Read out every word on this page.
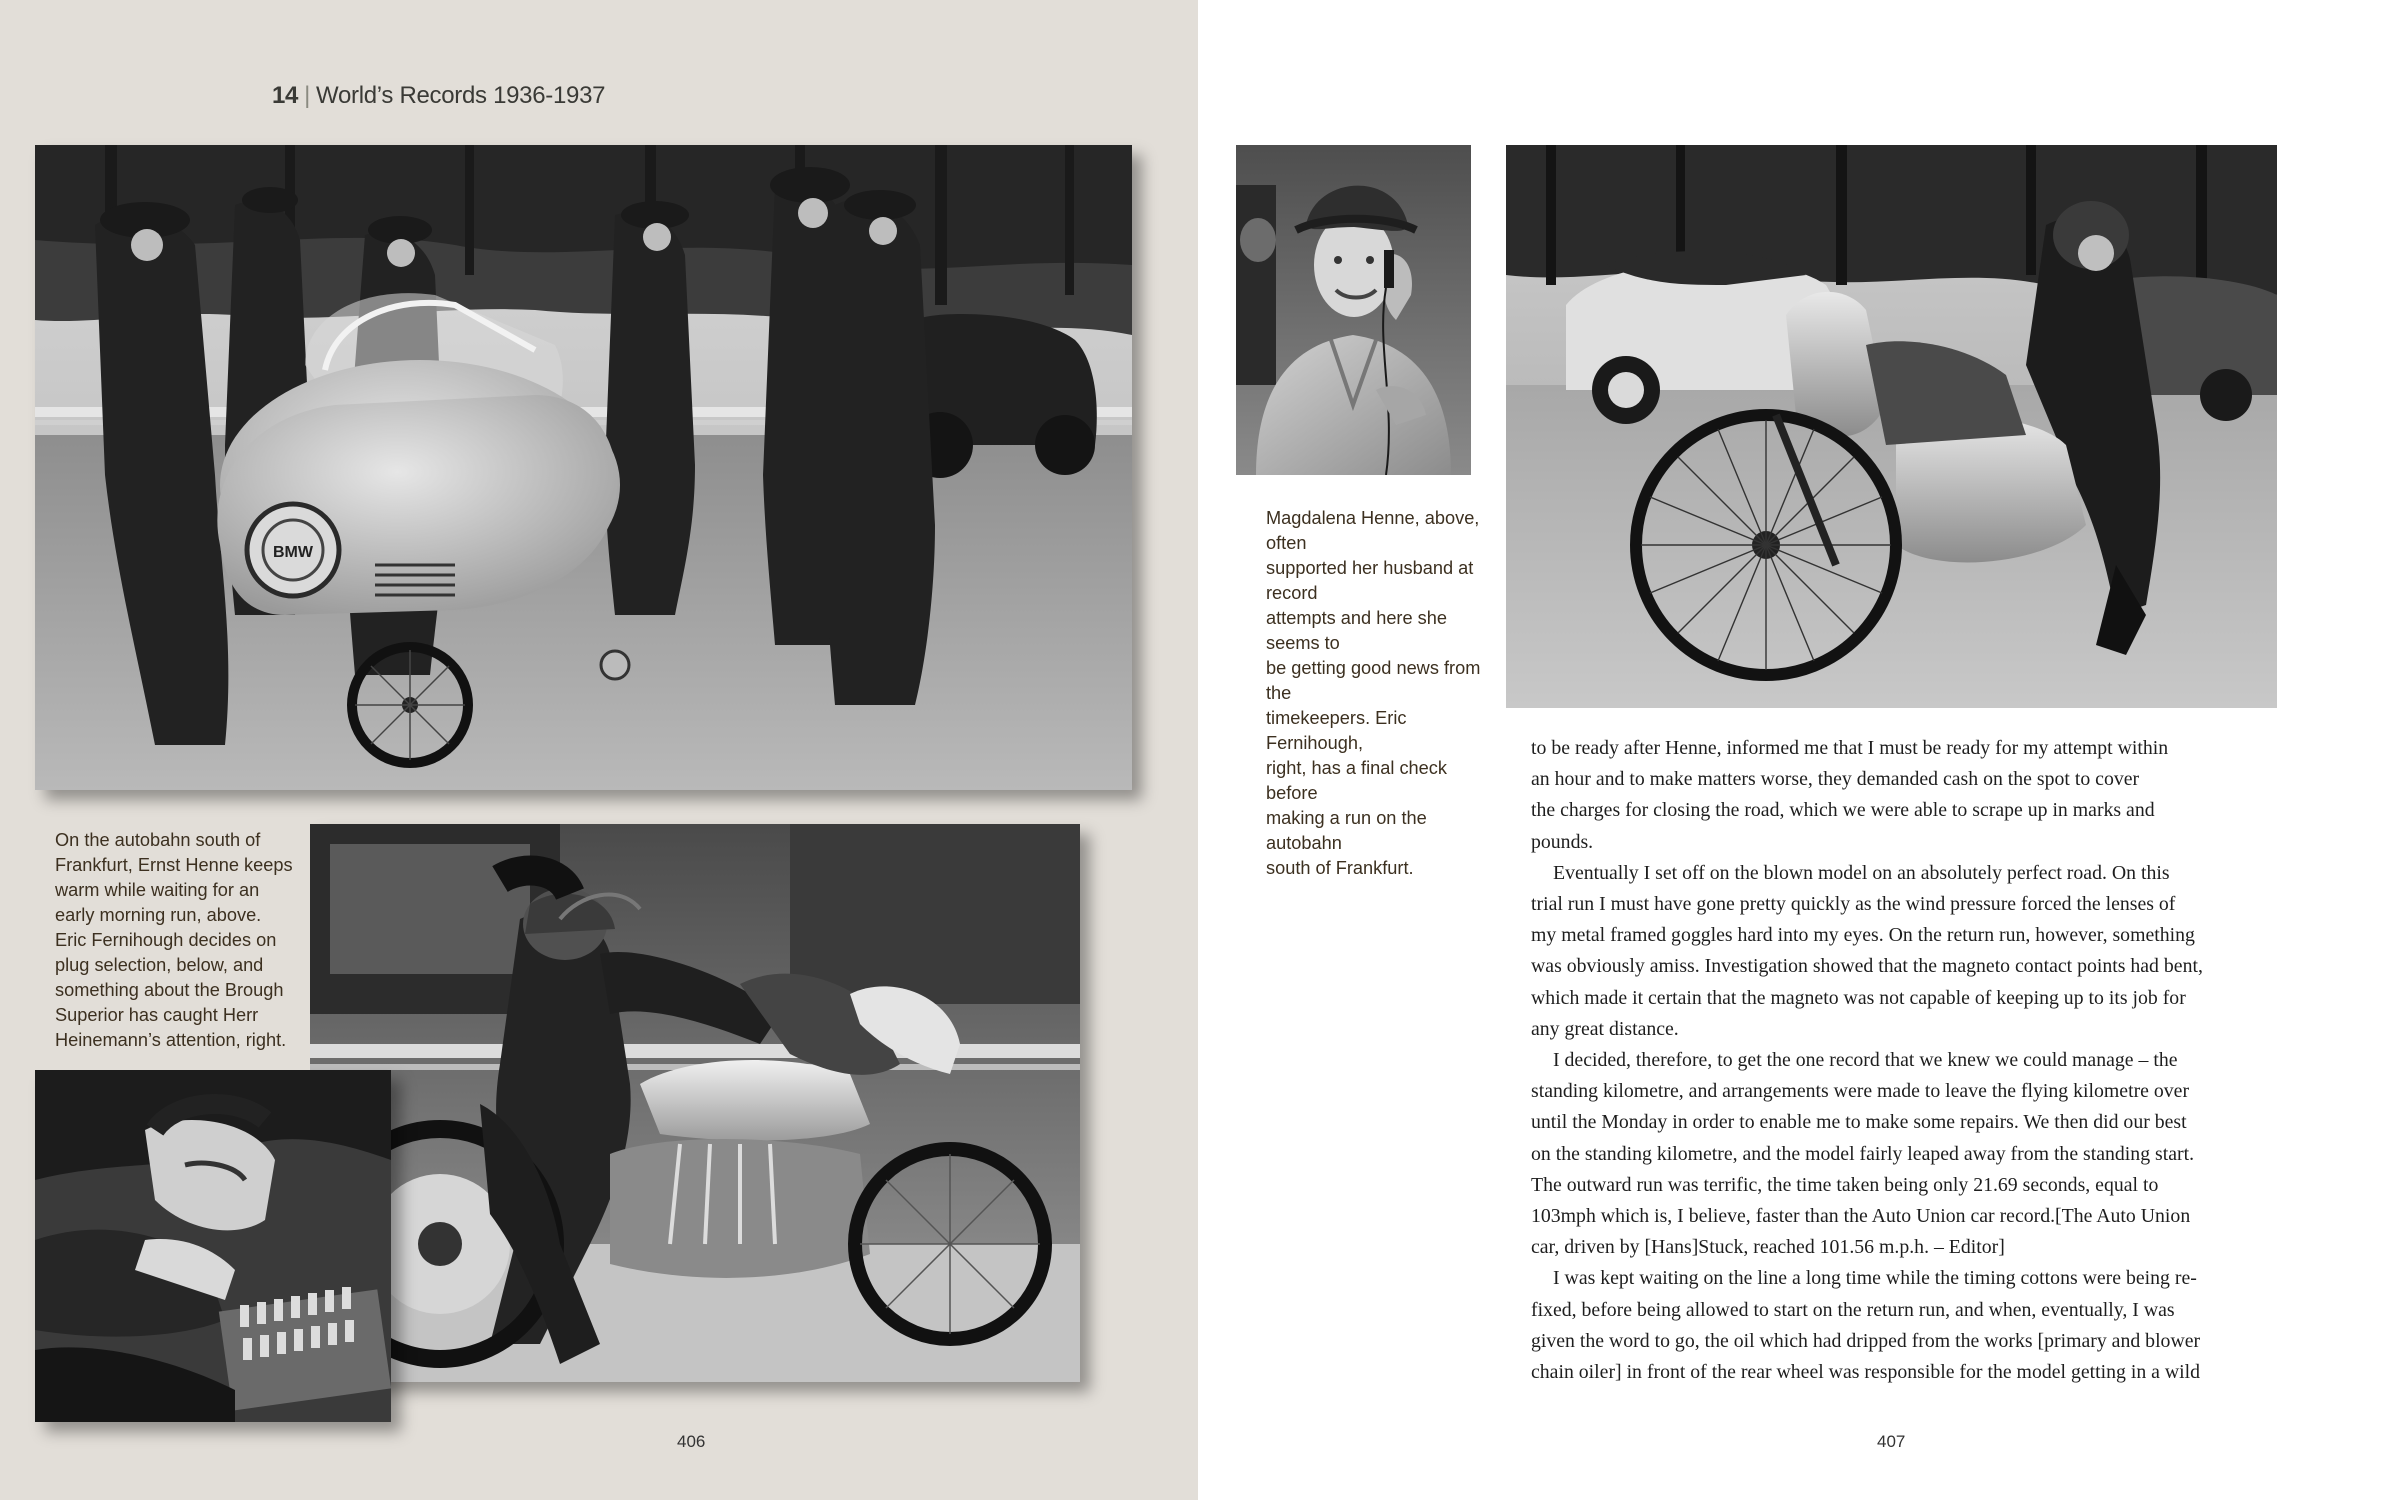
14 | World’s Records 1936-1937
BMW
On the autobahn south of
Frankfurt, Ernst Henne keeps
warm while waiting for an
early morning run, above.
Eric Fernihough decides on
plug selection, below, and
something about the Brough
Superior has caught Herr
Heinemann’s attention, right.
406
Magdalena Henne, above, often
supported her husband at record
attempts and here she seems to
be getting good news from the
timekeepers. Eric Fernihough,
right, has a final check before
making a run on the autobahn
south of Frankfurt.

to be ready after Henne, informed me that I must be ready for my attempt within

an hour and to make matters worse, they demanded cash on the spot to cover

the charges for closing the road, which we were able to scrape up in marks and

pounds.

Eventually I set off on the blown model on an absolutely perfect road. On this

trial run I must have gone pretty quickly as the wind pressure forced the lenses of

my metal framed goggles hard into my eyes. On the return run, however, something

was obviously amiss. Investigation showed that the magneto contact points had bent,

which made it certain that the magneto was not capable of keeping up to its job for

any great distance.

I decided, therefore, to get the one record that we knew we could manage – the

standing kilometre, and arrangements were made to leave the flying kilometre over

until the Monday in order to enable me to make some repairs. We then did our best

on the standing kilometre, and the model fairly leaped away from the standing start.

The outward run was terrific, the time taken being only 21.69 seconds, equal to

103mph which is, I believe, faster than the Auto Union car record.[The Auto Union

car, driven by [Hans]Stuck, reached 101.56 m.p.h. – Editor]

I was kept waiting on the line a long time while the timing cottons were being re-

fixed, before being allowed to start on the return run, and when, eventually, I was

given the word to go, the oil which had dripped from the works [primary and blower

chain oiler] in front of the rear wheel was responsible for the model getting in a wild

407
